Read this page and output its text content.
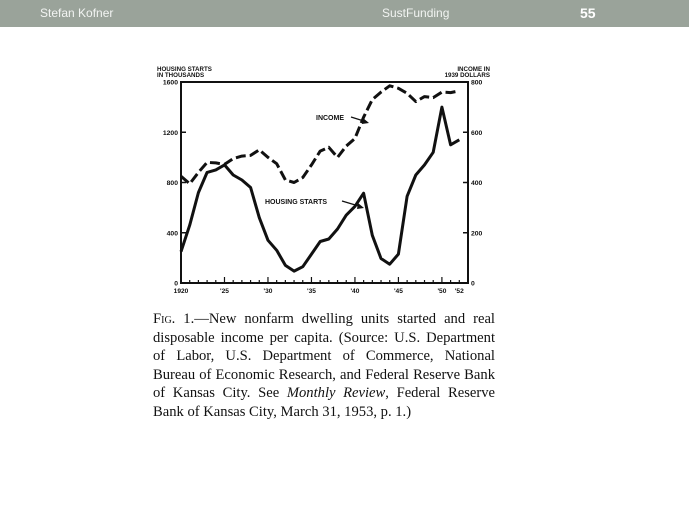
Stefan Kofner	SustFunding	55
HOUSING STARTS
IN THOUSANDS
INCOME IN
1939 DOLLARS
0	0
400	200
800	400
1200	600
1600	800
1920	'25	'30	'35	'40	'45	'50 '52
INCOME
HOUSING STARTS
Fig. 1.—New nonfarm dwelling units started and real disposable income per capita. (Source: U.S. Department of Labor, U.S. Department of Commerce, National Bureau of Economic Research, and Federal Reserve Bank of Kansas City. See Monthly Review, Federal Reserve Bank of Kansas City, March 31, 1953, p. 1.)
